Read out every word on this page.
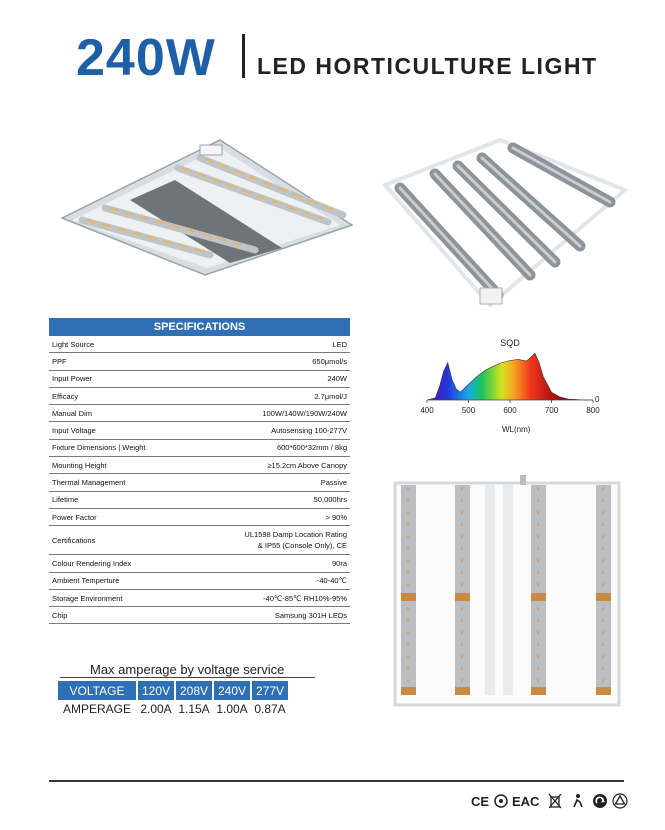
240W LED HORTICULTURE LIGHT
SQD
0
400	500	600	700	800
WL(nm)
SPECIFICATIONS
Light Source	LED
PPF	650μmol/s
Input Power	240W
Efficacy	2.7μmol/J
Manual Dim	100W/140W/190W/240W
Input Voltage	Autosensing 100-277V
Fixture Dimensions | Weight	600*600*32mm / 8kg
Mounting Height	≥15.2cm Above Canopy
Thermal Management	Passive
Lifetime	50,000hrs
Power Factor	> 90%
Certifications
UL1598 Damp Location Rating
& IP55 (Console Only), CE
Colour Rendering Index	90ra
Ambient Temperture	-40-40℃
Storage Environment	-40℃-85℃ RH10%-95%
Chip	Samsung 301H LEDs
Max amperage by voltage service
VOLTAGE	120V	208V	240V	277V
AMPERAGE	2.00A	1.15A	1.00A	0.87A
CE EAC
